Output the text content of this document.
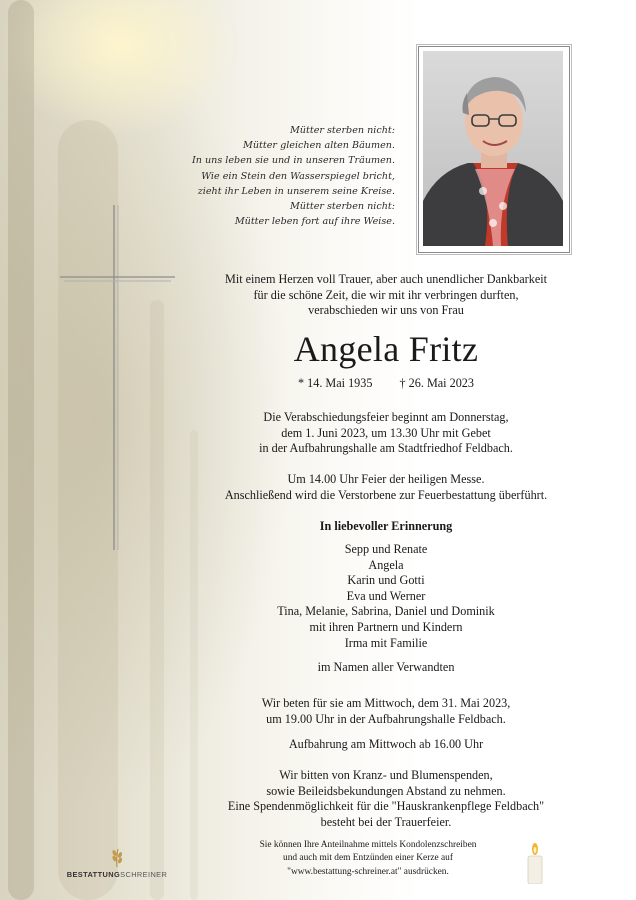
Mütter sterben nicht:
Mütter gleichen alten Bäumen.
In uns leben sie und in unseren Träumen.
Wie ein Stein den Wasserspiegel bricht,
zieht ihr Leben in unserem seine Kreise.
Mütter sterben nicht:
Mütter leben fort auf ihre Weise.
Mit einem Herzen voll Trauer, aber auch unendlicher Dankbarkeit
für die schöne Zeit, die wir mit ihr verbringen durften,
verabschieden wir uns von Frau
Angela Fritz
* 14. Mai 1935 † 26. Mai 2023
Die Verabschiedungsfeier beginnt am Donnerstag,
dem 1. Juni 2023, um 13.30 Uhr mit Gebet
in der Aufbahrungshalle am Stadtfriedhof Feldbach.
Um 14.00 Uhr Feier der heiligen Messe.
Anschließend wird die Verstorbene zur Feuerbestattung überführt.
In liebevoller Erinnerung
Sepp und Renate
Angela
Karin und Gotti
Eva und Werner
Tina, Melanie, Sabrina, Daniel und Dominik
mit ihren Partnern und Kindern
Irma mit Familie
im Namen aller Verwandten
Wir beten für sie am Mittwoch, dem 31. Mai 2023,
um 19.00 Uhr in der Aufbahrungshalle Feldbach.
Aufbahrung am Mittwoch ab 16.00 Uhr
Wir bitten von Kranz- und Blumenspenden,
sowie Beileidsbekundungen Abstand zu nehmen.
Eine Spendenmöglichkeit für die "Hauskrankenpflege Feldbach"
besteht bei der Trauerfeier.
Sie können Ihre Anteilnahme mittels Kondolenzschreiben
und auch mit dem Entzünden einer Kerze auf
"www.bestattung-schreiner.at" ausdrücken.
BESTATTUNGSCHREINER
